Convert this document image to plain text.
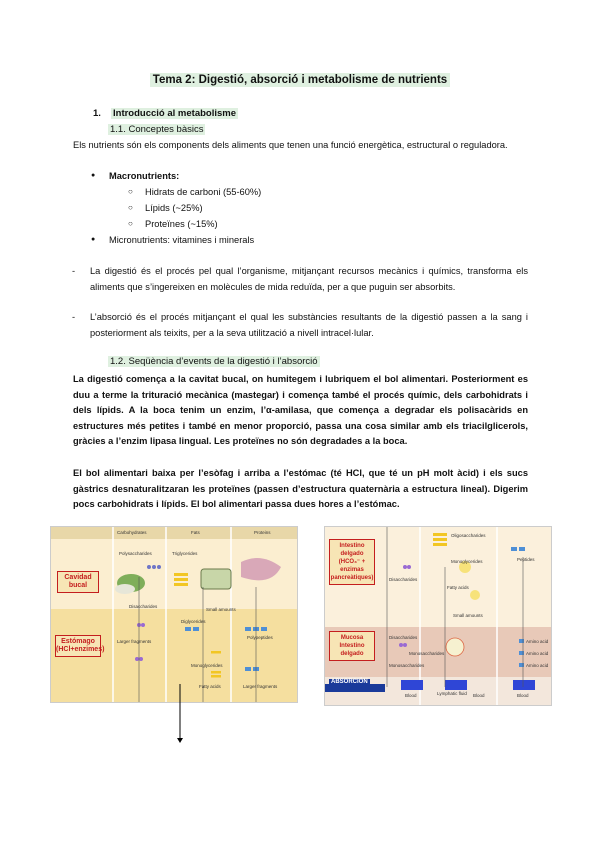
Tema 2: Digestió, absorció i metabolisme de nutrients
1. Introducció al metabolisme
1.1. Conceptes bàsics
Els nutrients són els components dels aliments que tenen una funció energètica, estructural o reguladora.
● Macronutrients:
○ Hidrats de carboni (55-60%)
○ Lípids (~25%)
○ Proteïnes (~15%)
● Micronutrients: vitamines i minerals
- La digestió és el procés pel qual l’organisme, mitjançant recursos mecànics i químics, transforma els aliments que s’ingereixen en molècules de mida reduïda, per a que puguin ser absorbits.
- L’absorció és el procés mitjançant el qual les substàncies resultants de la digestió passen a la sang i posteriorment als teixits, per a la seva utilització a nivell intracel·lular.
1.2. Seqüència d’events de la digestió i l’absorció
La digestió comença a la cavitat bucal, on humitegem i lubriquem el bol alimentari. Posteriorment es duu a terme la trituració mecànica (mastegar) i comença també el procés químic, dels carbohidrats i dels lípids. A la boca tenim un enzim, l’α-amilasa, que comença a degradar els polisacàrids en estructures més petites i també en menor proporció, passa una cosa similar amb els triacilglicerols, gràcies a l’enzim lipasa lingual. Les proteïnes no són degradades a la boca.
El bol alimentari baixa per l’esòfag i arriba a l’estómac (té HCl, que té un pH molt àcid) i els sucs gàstrics desnaturalitzaran les proteïnes (passen d’estructura quaternària a estructura lineal). Digerim pocs carbohidrats i lípids. El bol alimentari passa dues hores a l’estómac.
Carbohydrates	Fats	Proteins
Cavidad bucal
Estómago (HCl+enzimes)
Polysaccharides	Triglycerides
Disaccharides
Small amounts
Diglycerides
Larger fragments
Polypeptides
Monoglycerides
Fatty acids	Larger fragments
Intestino delgado (HCO₃⁻ + enzimas pancreàtiques)
Mucosa Intestino delgado
ABSORCIÓN
Disaccharides
Oligosaccharides
Monoglycerides
Fatty acids
Small amounts
Peptides
Disaccharides
Monosaccharides
Monosaccharides
Amino acid
Amino acid
Amino acid
Blood	Lymphatic fluid Blood	Blood
